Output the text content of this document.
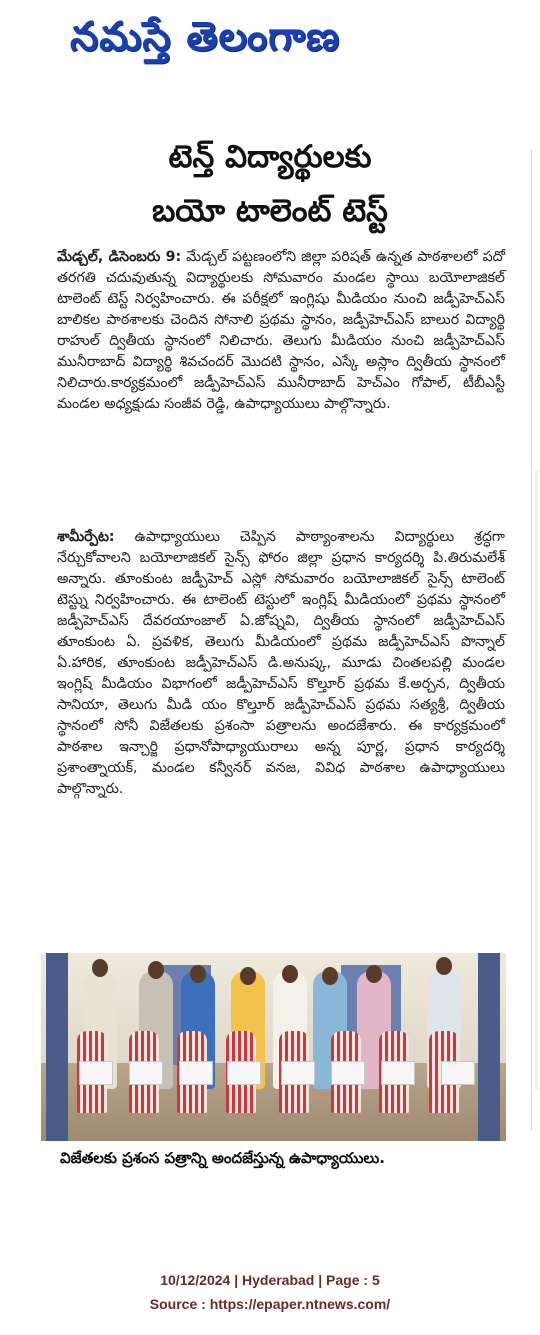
నమస్తే తెలంగాణ
టెన్త్ విద్యార్థులకు
బయో టాలెంట్ టెస్ట్

మేడ్చల్, డిసెంబరు 9: మేడ్చల్ పట్టణంలోని జిల్లా పరిషత్ ఉన్నత పాఠశాలలో పదో తరగతి చదువుతున్న విద్యార్థులకు సోమవారం మండల స్థాయి బయోలాజికల్ టాలెంట్ టెస్ట్ నిర్వహించారు. ఈ పరీక్షలో ఇంగ్లిషు మీడియం నుంచి జడ్పీహెచ్ఎస్ బాలికల పాఠశాలకు చెందిన సోనాలి ప్రథమ స్థానం, జడ్పీహెచ్ఎస్ బాలుర విద్యార్థి రాహుల్ ద్వితీయ స్థానంలో నిలిచారు. తెలుగు మీడియం నుంచి జడ్పీహెచ్ఎస్ మునీరాబాద్ విద్యార్థి శివచందర్ మొదటి స్థానం, ఎస్కే అస్లాం ద్వితీయ స్థానంలో నిలిచారు.కార్యక్రమంలో జడ్పీహెచ్ఎస్ మునీరాబాద్ హెచ్ఎం గోపాల్, టీబీఎస్టీ మండల అధ్యక్షుడు సంజీవ రెడ్డి, ఉపాధ్యాయులు పాల్గొన్నారు.

శామీర్పేట: ఉపాధ్యాయులు చెప్పిన పాఠ్యాంశాలను విద్యార్థులు శ్రద్ధగా నేర్చుకోవాలని బయోలాజికల్ సైన్స్ ఫోరం జిల్లా ప్రధాన కార్యదర్శి పి.తిరుమలేశ్ అన్నారు. తూంకుంట జడ్పీహెచ్ ఎస్లో సోమవారం బయోలాజికల్ సైన్స్ టాలెంట్ టెస్ట్ను నిర్వహించారు. ఈ టాలెంట్ టెస్టులో ఇంగ్లిష్ మీడియంలో ప్రథమ స్థానంలో జడ్పీహెచ్ఎస్ దేవరయాంజాల్ ఏ.జోష్నవి, ద్వితీయ స్థానంలో జడ్పీహెచ్ఎస్ తూంకుంట ఏ. ప్రవళిక, తెలుగు మీడియంలో ప్రథమ జడ్పీహెచ్ఎస్ పొన్నాల్ ఏ.హారిక, తూంకుంట జడ్పీహెచ్ఎస్ డి.అనుష్క, మూడు చింతలపల్లి మండల ఇంగ్లిష్ మీడియం విభాగంలో జడ్పీహెచ్ఎస్ కొల్తూర్ ప్రథమ కే.అర్చన, ద్వితీయ సానియా, తెలుగు మీడి యం కొల్తూర్ జడ్పీహెచ్ఎస్ ప్రథమ సత్యశ్రీ, ద్వితీయ స్థానంలో సోనీ విజేతలకు ప్రశంసా పత్రాలను అందజేశారు. ఈ కార్యక్రమంలో పాఠశాల ఇన్చార్జి ప్రధానోపాధ్యాయురాలు అన్న పూర్ణ, ప్రధాన కార్యదర్శి ప్రశాంత్నాయక్, మండల కన్వీనర్ వనజ, వివిధ పాఠశాల ఉపాధ్యాయులు పాల్గొన్నారు.

విజేతలకు ప్రశంస పత్రాన్ని అందజేస్తున్న ఉపాధ్యాయులు.

10/12/2024 | Hyderabad | Page : 5
Source : https://epaper.ntnews.com/
